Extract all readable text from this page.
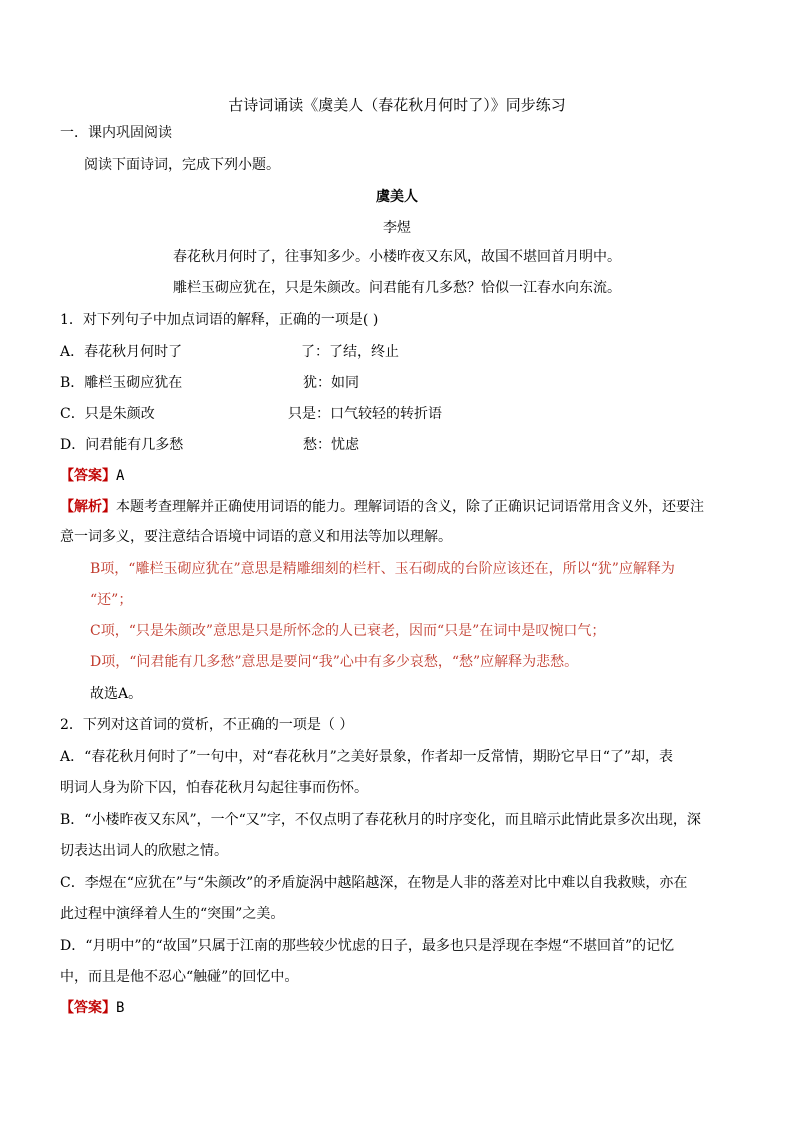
古诗词诵读《虞美人（春花秋月何时了）》同步练习
一．课内巩固阅读
阅读下面诗词，完成下列小题。
虞美人
李煜
春花秋月何时了，往事知多少。小楼昨夜又东风，故国不堪回首月明中。
雕栏玉砌应犹在，只是朱颜改。问君能有几多愁？恰似一江春水向东流。
1．对下列句子中加点词语的解释，正确的一项是( )
A．春花秋月何时了	了：了结，终止
B．雕栏玉砌应犹在	犹：如同
C．只是朱颜改	只是：口气较轻的转折语
D．问君能有几多愁	愁：忧虑
【答案】A
【解析】本题考查理解并正确使用词语的能力。理解词语的含义，除了正确识记词语常用含义外，还要注
意一词多义，要注意结合语境中词语的意义和用法等加以理解。
B项，“雕栏玉砌应犹在”意思是精雕细刻的栏杆、玉石砌成的台阶应该还在，所以“犹”应解释为
“还”；
C项，“只是朱颜改”意思是只是所怀念的人已衰老，因而“只是”在词中是叹惋口气；
D项，“问君能有几多愁”意思是要问“我”心中有多少哀愁，“愁”应解释为悲愁。
故选A。
2．下列对这首词的赏析，不正确的一项是（ ）
A．“春花秋月何时了”一句中，对“春花秋月”之美好景象，作者却一反常情，期盼它早日“了”却，表
明词人身为阶下囚，怕春花秋月勾起往事而伤怀。
B．“小楼昨夜又东风”，一个“又”字，不仅点明了春花秋月的时序变化，而且暗示此情此景多次出现，深
切表达出词人的欣慰之情。
C．李煜在“应犹在”与“朱颜改”的矛盾旋涡中越陷越深，在物是人非的落差对比中难以自我救赎，亦在
此过程中演绎着人生的“突围”之美。
D．“月明中”的“故国”只属于江南的那些较少忧虑的日子，最多也只是浮现在李煜“不堪回首”的记忆
中，而且是他不忍心“触碰”的回忆中。
【答案】B
